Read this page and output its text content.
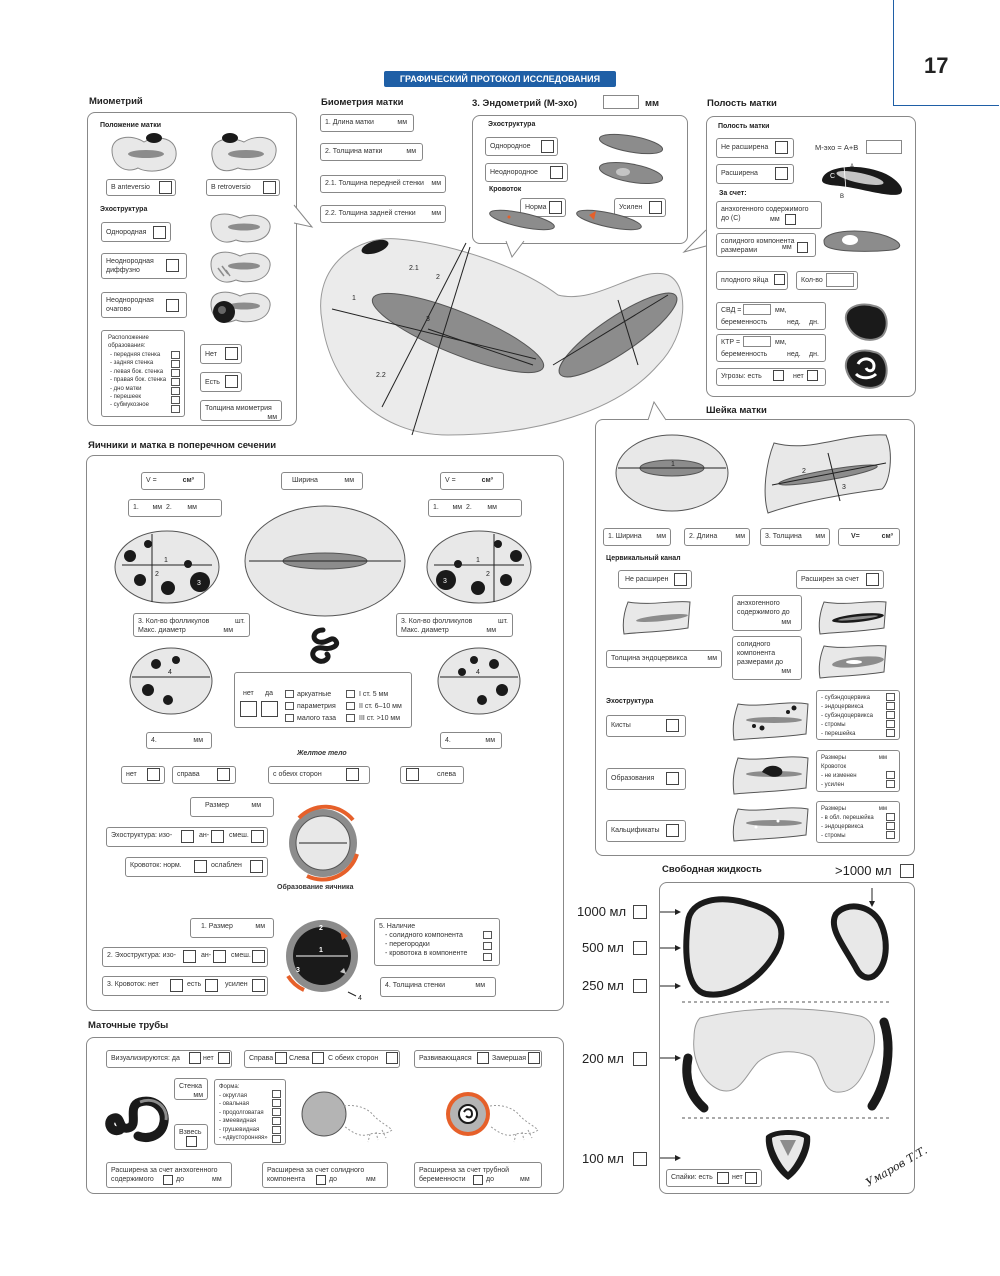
17
ГРАФИЧЕСКИЙ ПРОТОКОЛ ИССЛЕДОВАНИЯ
Миометрий
Положение матки
В anteversio	В retroversio
Эхоструктура
Однородная
Неоднородная диффузно
Неоднородная очагово
Расположение образования:
- передняя стенка
- задняя стенка
- левая бок. стенка
- правая бок. стенка
- дно матки
- перешеек
- субмукозное
Нет
Есть
Толщина миометрия
мм
Биометрия матки
1. Длина матки	мм
2. Толщина матки	мм
2.1. Толщина передней стенки мм
2.2. Толщина задней стенки мм
1
2
2.1
2.2
3
3. Эндометрий (М-эхо)	мм
Эхоструктура
Однородное
Неоднородное
Кровоток
Норма	Усилен
Полость матки
Полость матки
Не расширена
Расширена
М-эхо = А+В
С
А
В
За счет:
анэхогенного содержимого до (С)	мм
солидного компонента размерами	мм
плодного яйца	Кол-во
СВД =	мм,
беременность	нед. дн.
КТР =	мм,
беременность	нед. дн.
Угрозы: есть	нет
Яичники и матка в поперечном сечении
V =	см³	Ширина	мм	V =	см³
1.       мм  2.        мм	1.       мм  2.        мм
1
2
3
1
2
3
3. Кол-во фолликулов	шт.
Макс. диаметр	мм
3. Кол-во фолликулов	шт.
Макс. диаметр	мм
4	4
нет да	аркуатные
параметрия
малого таза
I ст. 5 мм
II ст. 6–10 мм
III ст. >10 мм
4.	мм	4.	мм
Желтое тело
нет	справа	с обеих сторон	слева
Размер	мм
Эхоструктура: изо-	ан-	смеш.
Кровоток: норм.	ослаблен
Образование яичника
1. Размер	мм
2. Эхоструктура: изо-	ан-	смеш.
3. Кровоток: нет	есть	усилен
1
2
3
4
5. Наличие
- солидного компонента
- перегородки
- кровотока в компоненте
4. Толщина стенки	мм
Шейка матки
1
2
3
1. Ширина мм	2. Длина	мм	3. Толщина мм	V=	см³
Цервикальный канал
Не расширен	Расширен за счет
анэхогенного содержимого до
мм
солидного компонента размерами до
мм
Толщина эндоцервикса	мм
Эхоструктура
Кисты
- субэндоцервика
- эндоцервикса
- субэндоцервикса
- стромы
- перешейка
Образования
Размеры	мм
Кровоток
- не изменен
- усилен
Кальцификаты
Размеры	мм
- в обл. перешейка
- эндоцервикса
- стромы
Свободная жидкость	>1000 мл
1000 мл
500 мл
250 мл
200 мл
100 мл
Спайки: есть	нет	Умаров Т.Т.
Маточные трубы
Визуализируются: да	нет	Справа Слева	С обеих сторон	Развивающаяся	Замершая
Стенка
мм
Взвесь
Форма:
- округлая
- овальная
- продолговатая
- змеевидная
- грушевидная
- «двусторонняя»
Расширена за счет анэхогенного содержимого	до	мм
Расширена за счет солидного компонента	до	мм
Расширена за счет трубной беременности	до	мм
